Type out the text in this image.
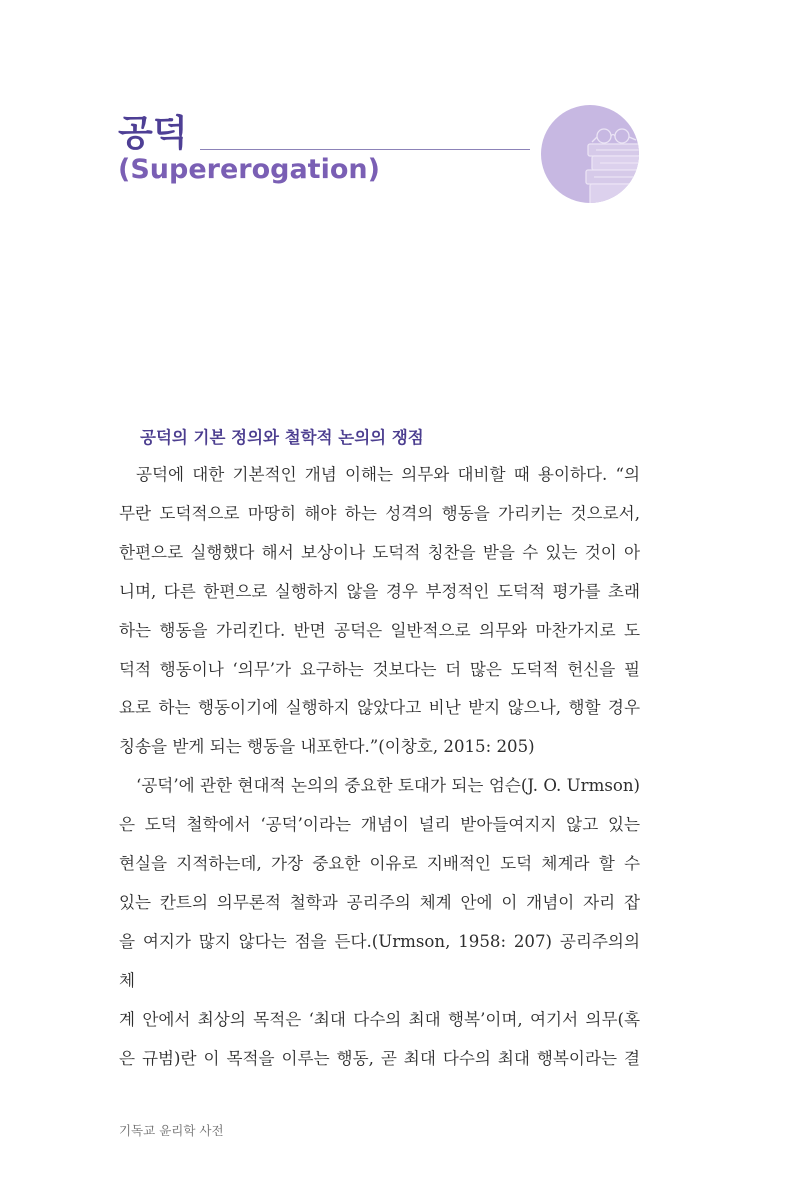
공덕
(Supererogation)
공덕의 기본 정의와 철학적 논의의 쟁점

공덕에 대한 기본적인 개념 이해는 의무와 대비할 때 용이하다. “의

무란 도덕적으로 마땅히 해야 하는 성격의 행동을 가리키는 것으로서,

한편으로 실행했다 해서 보상이나 도덕적 칭찬을 받을 수 있는 것이 아

니며, 다른 한편으로 실행하지 않을 경우 부정적인 도덕적 평가를 초래

하는 행동을 가리킨다. 반면 공덕은 일반적으로 의무와 마찬가지로 도

덕적 행동이나 ‘의무’가 요구하는 것보다는 더 많은 도덕적 헌신을 필

요로 하는 행동이기에 실행하지 않았다고 비난 받지 않으나, 행할 경우

칭송을 받게 되는 행동을 내포한다.”(이창호, 2015: 205)

‘공덕’에 관한 현대적 논의의 중요한 토대가 되는 엄슨(J. O. Urmson)

은 도덕 철학에서 ‘공덕’이라는 개념이 널리 받아들여지지 않고 있는

현실을 지적하는데, 가장 중요한 이유로 지배적인 도덕 체계라 할 수

있는 칸트의 의무론적 철학과 공리주의 체계 안에 이 개념이 자리 잡

을 여지가 많지 않다는 점을 든다.(Urmson, 1958: 207) 공리주의의 체

계 안에서 최상의 목적은 ‘최대 다수의 최대 행복’이며, 여기서 의무(혹

은 규범)란 이 목적을 이루는 행동, 곧 최대 다수의 최대 행복이라는 결

기독교 윤리학 사전
